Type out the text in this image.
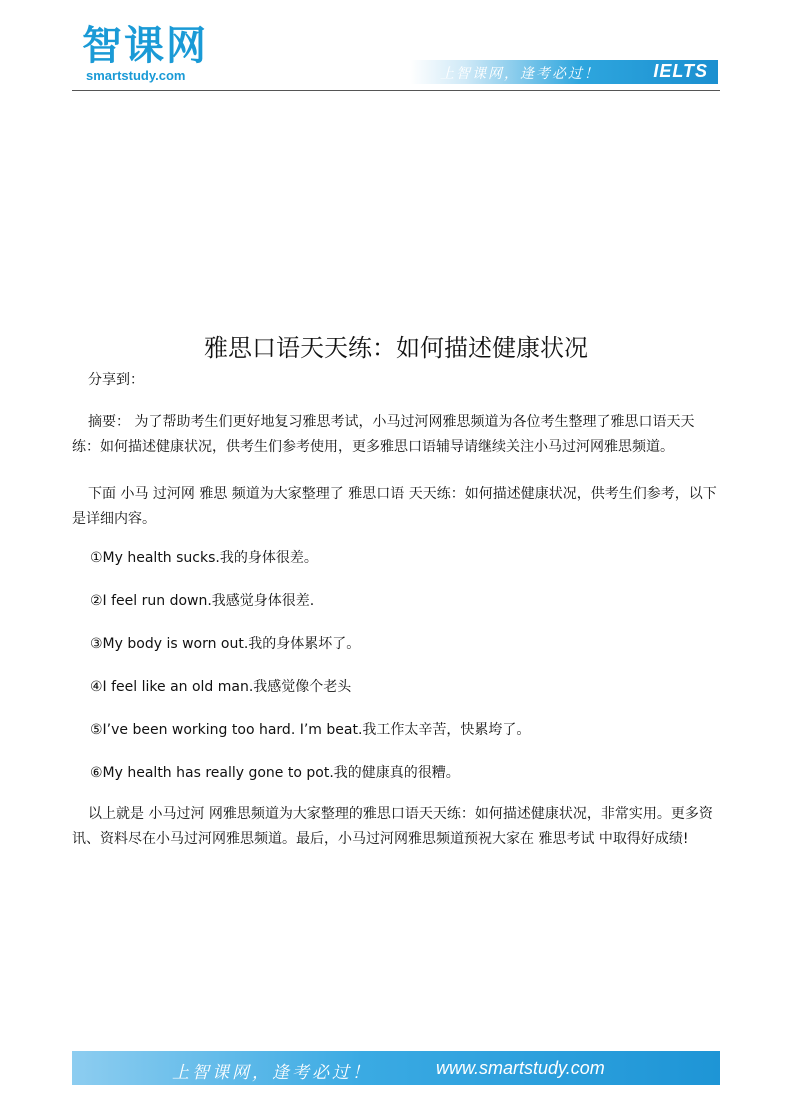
智课网
smartstudy.com	上智课网，逢考必过！	IELTS
雅思口语天天练：如何描述健康状况

分享到：

摘要： 为了帮助考生们更好地复习雅思考试，小马过河网雅思频道为各位考生整理了雅思口语天天练：如何描述健康状况，供考生们参考使用，更多雅思口语辅导请继续关注小马过河网雅思频道。

下面 小马 过河网 雅思 频道为大家整理了 雅思口语 天天练：如何描述健康状况，供考生们参考，以下是详细内容。

①My health sucks.我的身体很差。
②I feel run down.我感觉身体很差.
③My body is worn out.我的身体累坏了。
④I feel like an old man.我感觉像个老头
⑤I’ve been working too hard. I’m beat.我工作太辛苦，快累垮了。
⑥My health has really gone to pot.我的健康真的很糟。

以上就是 小马过河 网雅思频道为大家整理的雅思口语天天练：如何描述健康状况，非常实用。更多资讯、资料尽在小马过河网雅思频道。最后，小马过河网雅思频道预祝大家在 雅思考试 中取得好成绩!

上智课网，逢考必过！	www.smartstudy.com
